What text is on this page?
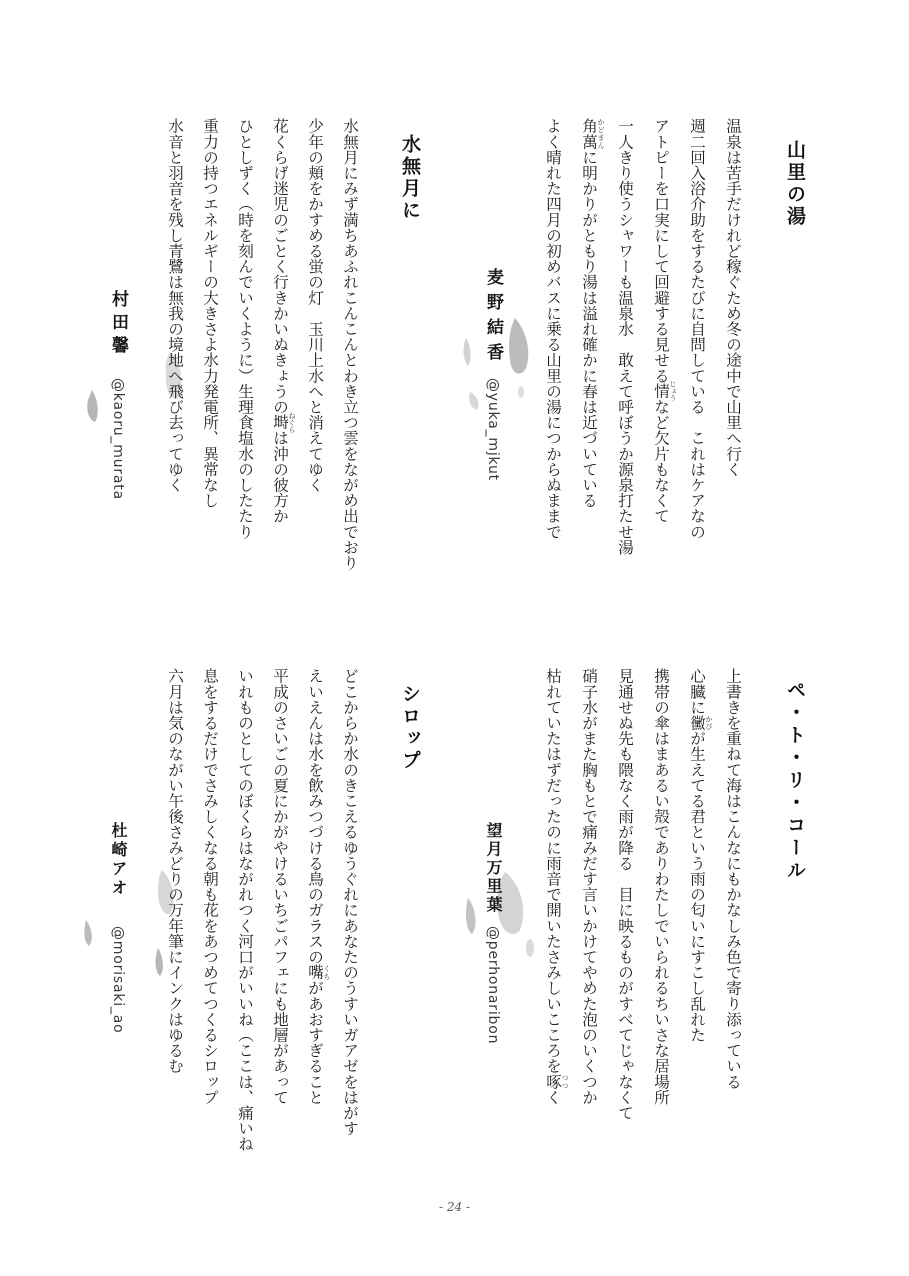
山里の湯
温泉は苦手だけれど稼ぐため冬の途中で山里へ行く
週二回入浴介助をするたびに自問している　これはケアなの
アトピーを口実にして回避する見せる情 じょうなど欠片もなくて
一人きり使うシャワーも温泉水　敢えて呼ぼうか源泉打たせ湯
角萬 かどまんに明かりがともり湯は溢れ確かに春は近づいている
よく晴れた四月の初めバスに乗る山里の湯につからぬままで
麦野結香
@yuka_mjkut
水無月に
水無月にみず満ちあふれこんこんとわき立つ雲をながめ出でおり
少年の頬をかすめる蛍の灯　玉川上水へと消えてゆく
花くらげ迷児のごとく行きかいぬきょうの塒 ねぐらは沖の彼方か
ひとしずく（時を刻んでいくように）生理食塩水のしたたり
重力の持つエネルギーの大きさよ水力発電所、異常なし
水音と羽音を残し青鷺は無我の境地へ飛び去ってゆく
村田馨
@kaoru_murata
ペ・ト・リ・コール
上書きを重ねて海はこんなにもかなしみ色で寄り添っている
心臓に黴 かびが生えてる君という雨の匂いにすこし乱れた
携帯の傘はまあるい殻でありわたしでいられるちいさな居場所
見通せぬ先も隈なく雨が降る　目に映るものがすべてじゃなくて
硝子水がまた胸もとで痛みだす言いかけてやめた泡のいくつか
枯れていたはずだったのに雨音で開いたさみしいこころを啄 つつく
望月万里葉
@perhonaribon
シロップ
どこからか水のきこえるゆうぐれにあなたのうすいガアゼをはがす
えいえんは水を飲みつづける鳥のガラスの嘴 くちがあおすぎること
平成のさいごの夏にかがやけるいちごパフェにも地層があって
いれものとしてのぼくらはながれつく河口がいいね（ここは、痛いね
息をするだけでさみしくなる朝も花をあつめてつくるシロップ
六月は気のながい午後さみどりの万年筆にインクはゆるむ
杜崎アオ
@morisaki_ao
- 24 -
